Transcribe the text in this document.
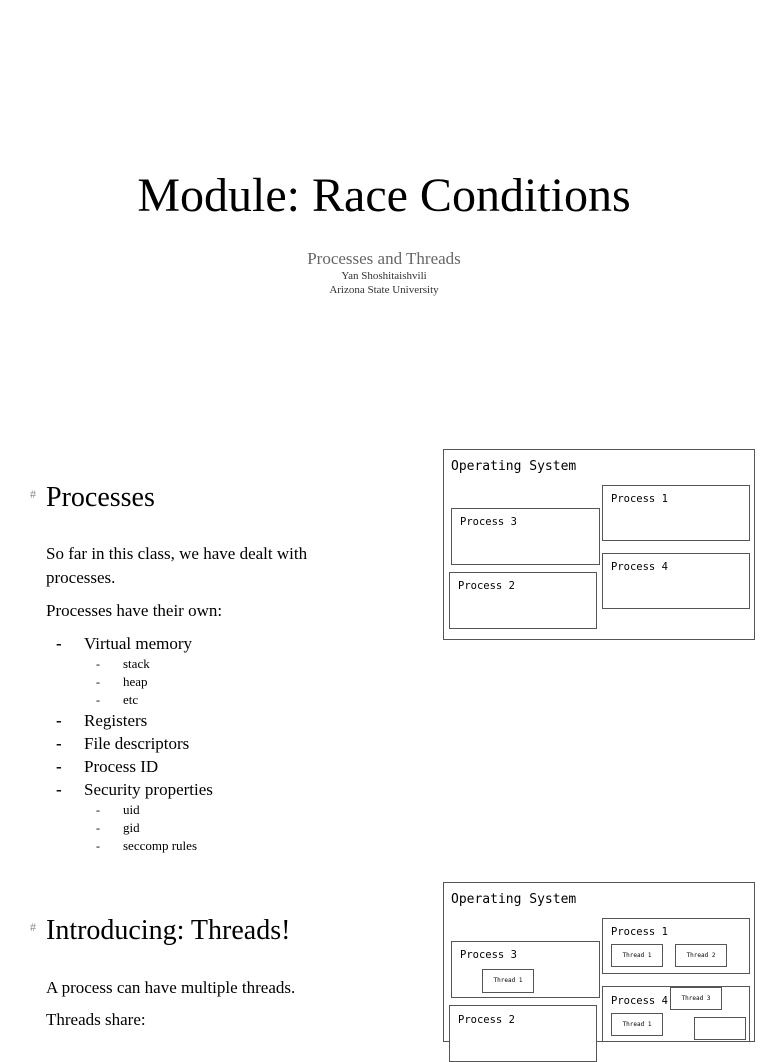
Module: Race Conditions
Processes and Threads
Yan Shoshitaishvili
Arizona State University
# Processes
So far in this class, we have dealt with processes.
Processes have their own:
- Virtual memory
- stack
- heap
- etc
- Registers
- File descriptors
- Process ID
- Security properties
- uid
- gid
- seccomp rules
Operating System
Process 1
Process 3
Process 4
Process 2
# Introducing: Threads!
A process can have multiple threads.
Threads share:
Operating System
Process 1
Thread 1	Thread 2
Process 3
Thread 1
Process 4	Thread 3
Thread 1
Process 2
